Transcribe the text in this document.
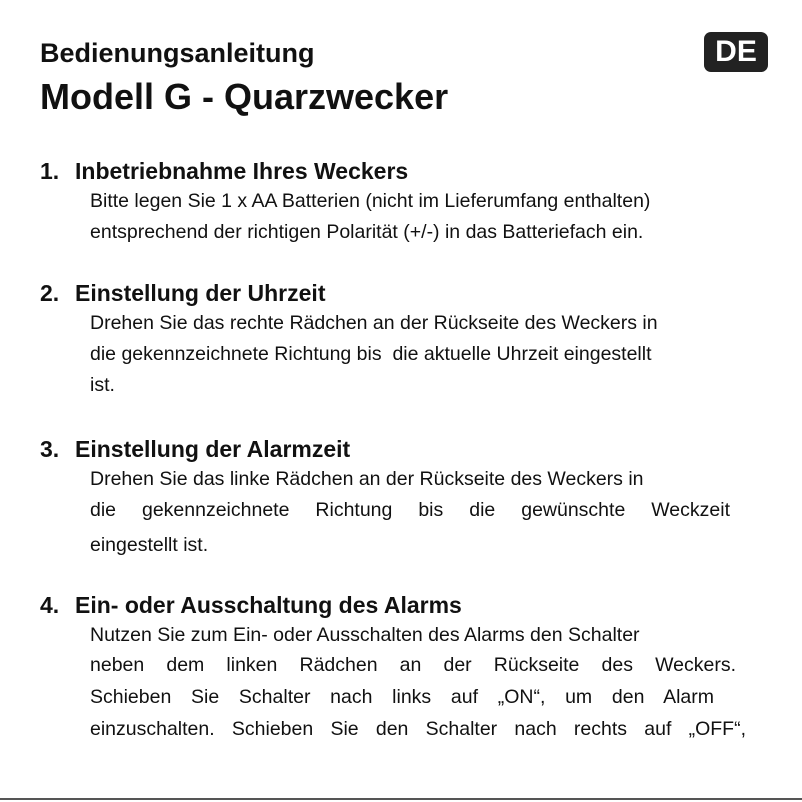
Bedienungsanleitung
Modell G - Quarzwecker
DE
1. Inbetriebnahme Ihres Weckers
Bitte legen Sie 1 x AA Batterien (nicht im Lieferumfang enthalten)
entsprechend der richtigen Polarität (+/-) in das Batteriefach ein.
2. Einstellung der Uhrzeit
Drehen Sie das rechte Rädchen an der Rückseite des Weckers in
die gekennzeichnete Richtung bis  die aktuelle Uhrzeit eingestellt
ist.
3. Einstellung der Alarmzeit
Drehen Sie das linke Rädchen an der Rückseite des Weckers in
die gekennzeichnete Richtung bis die gewünschte Weckzeit
eingestellt ist.
4. Ein- oder Ausschaltung des Alarms
Nutzen Sie zum Ein- oder Ausschalten des Alarms den Schalter
neben dem linken Rädchen an der Rückseite des Weckers.
Schieben Sie Schalter nach links auf „ON“, um den Alarm
einzuschalten. Schieben Sie den Schalter nach rechts auf „OFF“,
